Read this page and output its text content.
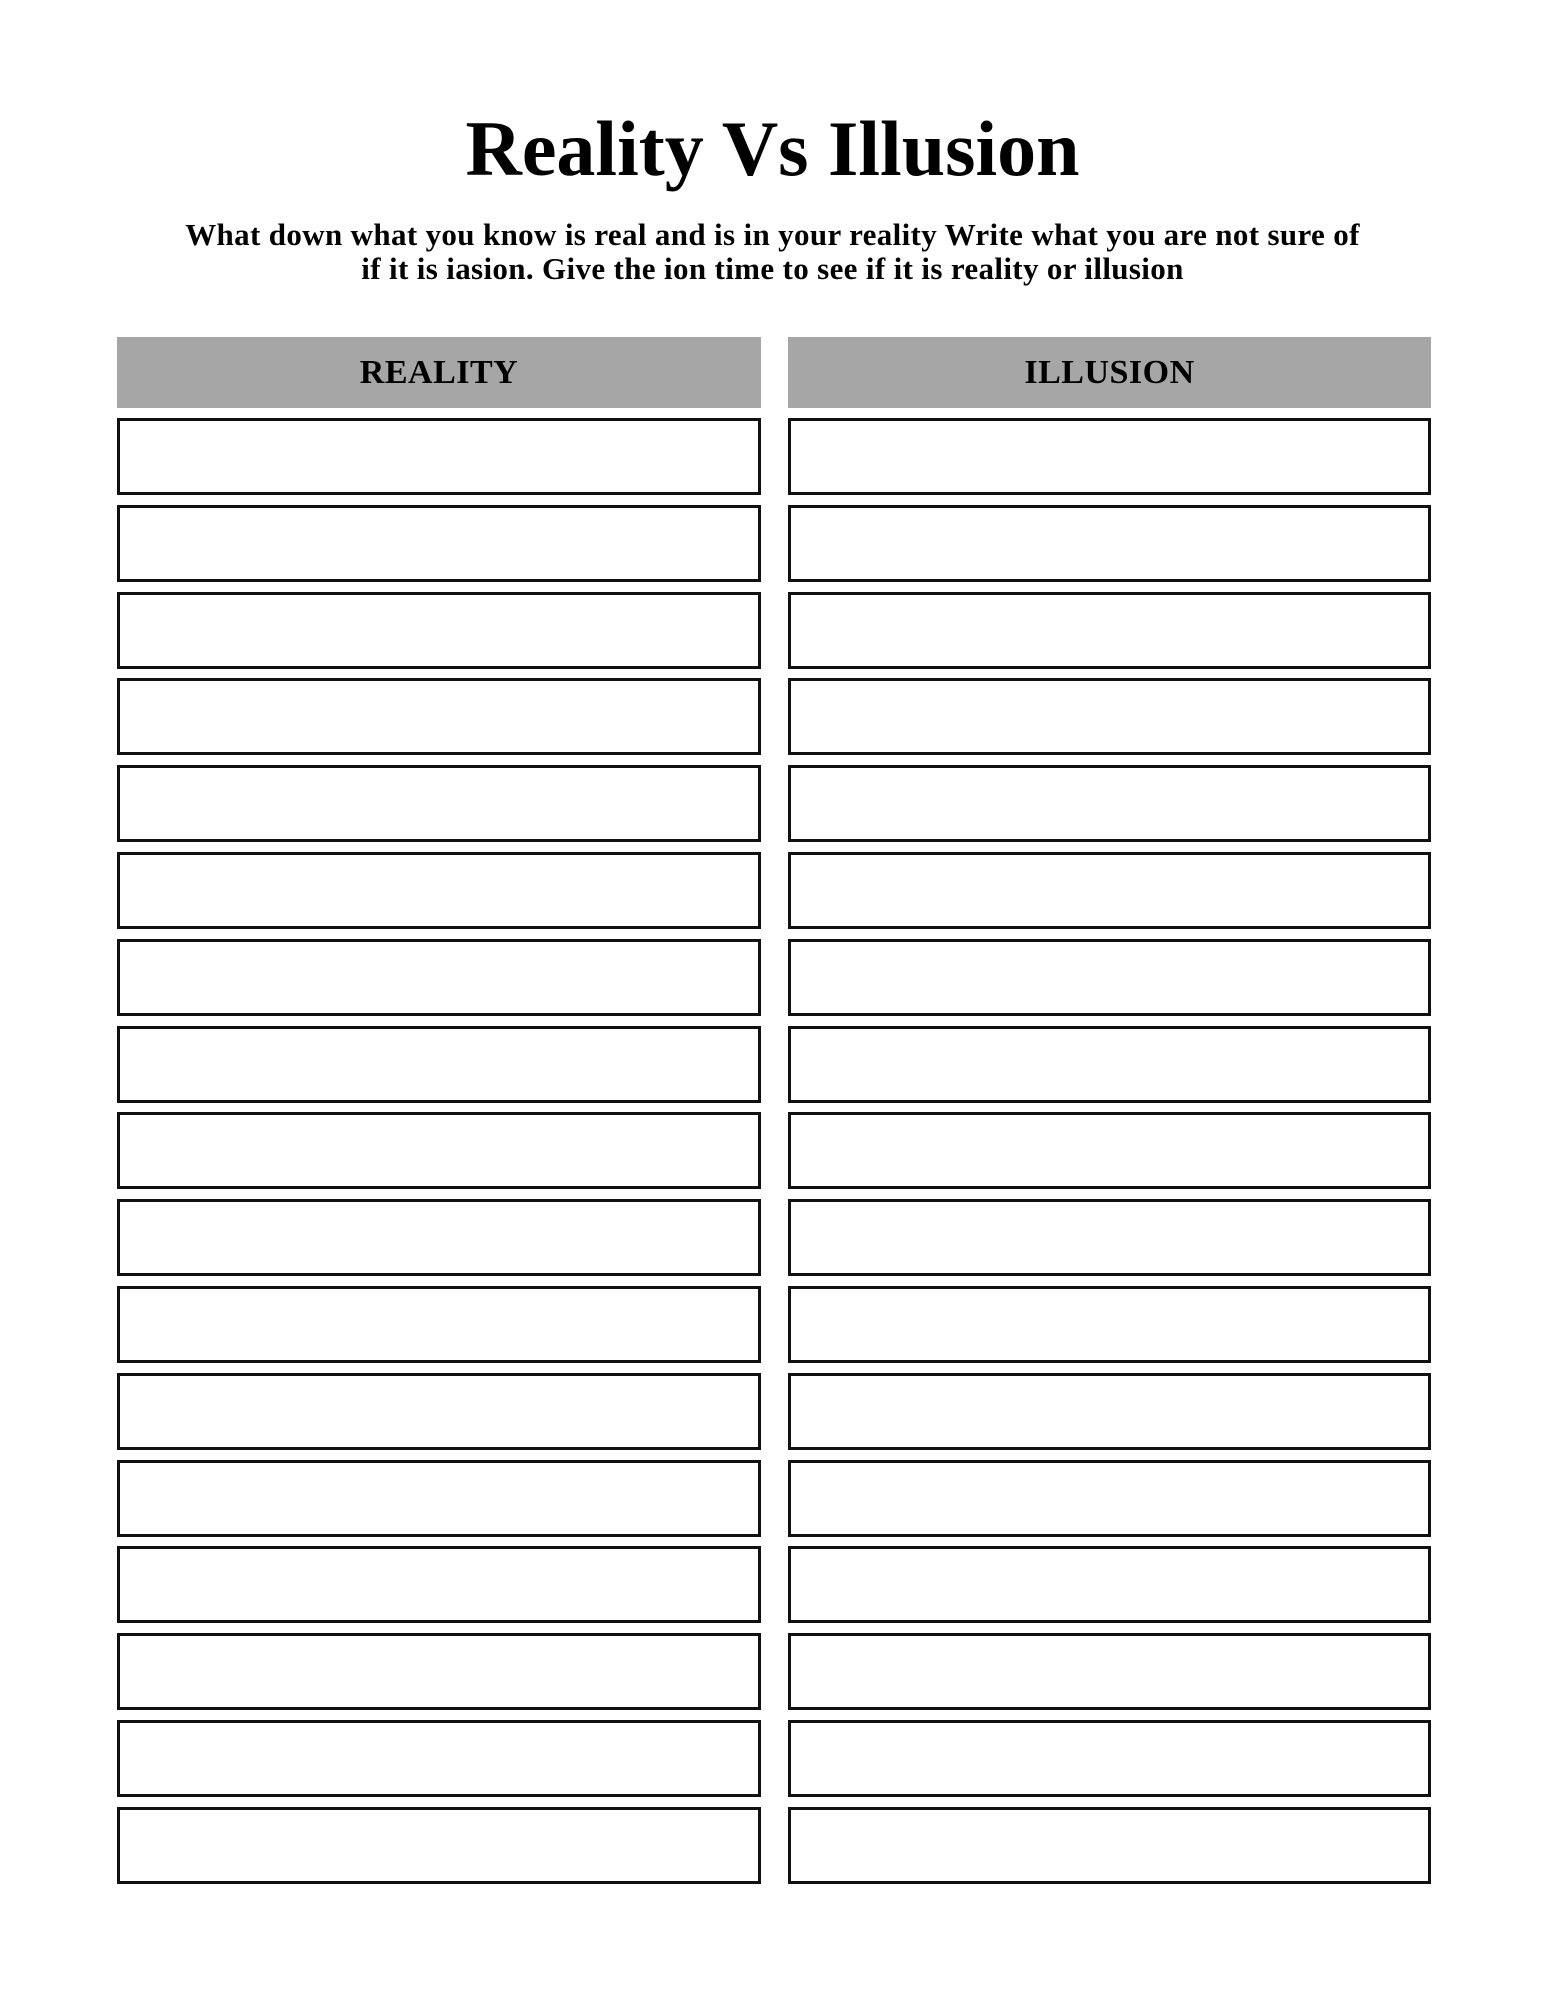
Reality Vs Illusion

What down what you know is real and is in your reality Write what you are not sure of
if it is iasion. Give the ion time to see if it is reality or illusion

REALITY	ILLUSION
